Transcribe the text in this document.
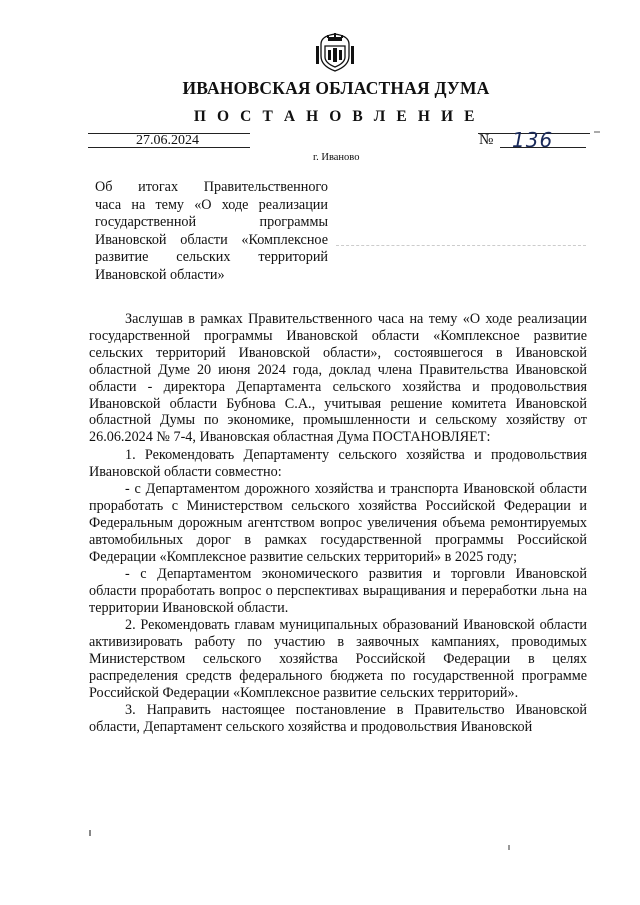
ИВАНОВСКАЯ ОБЛАСТНАЯ ДУМА
П О С Т А Н О В Л Е Н И Е
27.06.2024	№ 136
г. Иваново
Об итогах Правительственного
часа на тему «О ходе реализации
государственной программы
Ивановской области «Комплексное
развитие сельских территорий
Ивановской области»

Заслушав в рамках Правительственного часа на тему «О ходе реализации государственной программы Ивановской области «Комплексное развитие сельских территорий Ивановской области», состоявшегося в Ивановской областной Думе 20 июня 2024 года, доклад члена Правительства Ивановской области - директора Департамента сельского хозяйства и продовольствия Ивановской области Бубнова С.А., учитывая решение комитета Ивановской областной Думы по экономике, промышленности и сельскому хозяйству от 26.06.2024 № 7-4, Ивановская областная Дума ПОСТАНОВЛЯЕТ:

1. Рекомендовать Департаменту сельского хозяйства и продовольствия Ивановской области совместно:

- с Департаментом дорожного хозяйства и транспорта Ивановской области проработать с Министерством сельского хозяйства Российской Федерации и Федеральным дорожным агентством вопрос увеличения объема ремонтируемых автомобильных дорог в рамках государственной программы Российской Федерации «Комплексное развитие сельских территорий» в 2025 году;

- с Департаментом экономического развития и торговли Ивановской области проработать вопрос о перспективах выращивания и переработки льна на территории Ивановской области.

2. Рекомендовать главам муниципальных образований Ивановской области активизировать работу по участию в заявочных кампаниях, проводимых Министерством сельского хозяйства Российской Федерации в целях распределения средств федерального бюджета по государственной программе Российской Федерации «Комплексное развитие сельских территорий».

3. Направить настоящее постановление в Правительство Ивановской области, Департамент сельского хозяйства и продовольствия Ивановской
